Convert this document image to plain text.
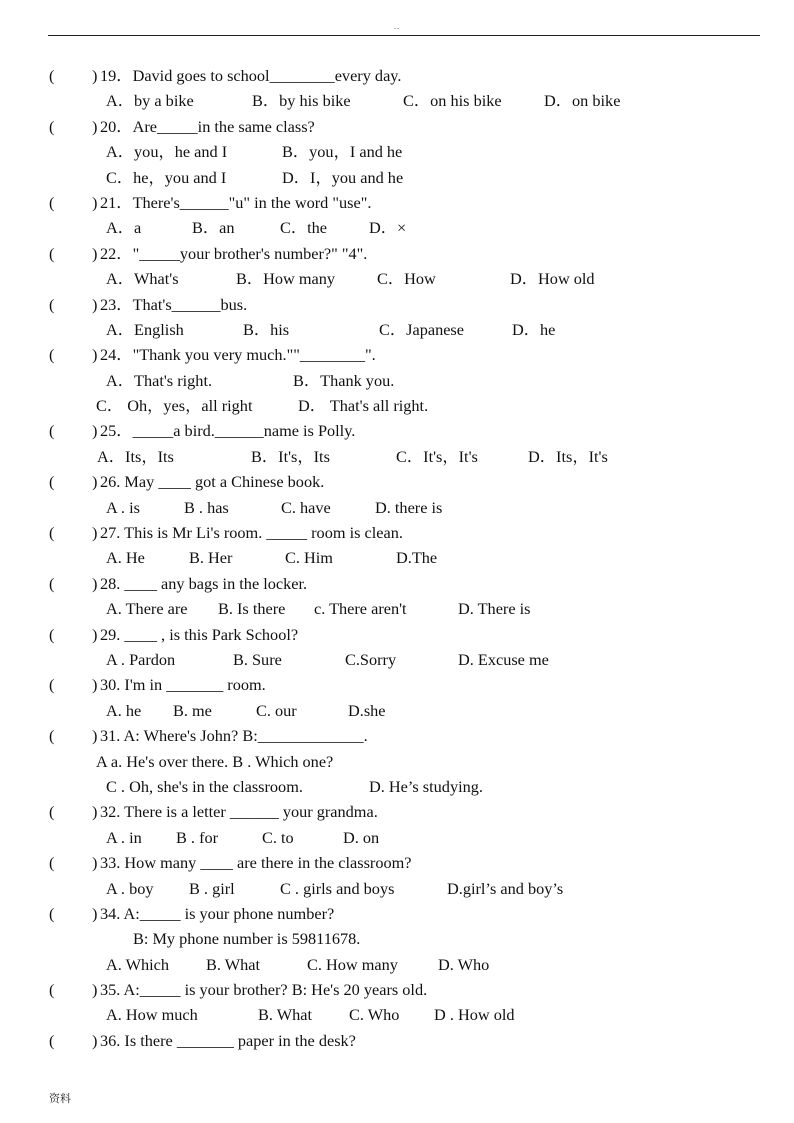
..
( ) 19．David goes to school________every day.
A．by a bike	B．by his bike	C．on his bike	D．on bike
( ) 20．Are_____in the same class?
A．you，he and I	B．you，I and he
C．he，you and I	D．I，you and he
( ) 21．There's______"u" in the word "use".
A．a	B．an	C．the	D．×
( ) 22．"_____your brother's number?" "4".
A．What's	B．How many	C．How	D．How old
( ) 23．That's______bus.
A．English	B．his	C．Japanese	D．he
( ) 24．"Thank you very much.""________".
A．That's right.	B．Thank you.
C． Oh，yes，all right	D． That's all right.
( ) 25．_____a bird.______name is Polly.
A．Its，Its	B．It's，Its	C．It's，It's	D．Its，It's
( ) 26. May ____ got a Chinese book.
A . is	B . has	C. have	D. there is
( ) 27. This is Mr Li's room. _____ room is clean.
A. He	B. Her	C. Him	D.The
( ) 28. ____ any bags in the locker.
A. There are B. Is there c. There aren't	D. There is
( ) 29. ____ , is this Park School?
A . Pardon	B. Sure	C.Sorry	D. Excuse me
( ) 30. I'm in _______ room.
A. he B. me	C. our	D.she
( ) 31. A: Where's John? B:_____________.
A a. He's over there. B . Which one?
C . Oh, she's in the classroom.	D. He’s studying.
( ) 32. There is a letter ______ your grandma.
A . in B . for	C. to	D. on
( ) 33. How many ____ are there in the classroom?
A . boy B . girl	C . girls and boys	D.girl’s and boy’s
( ) 34. A:_____ is your phone number?
B: My phone number is 59811678.
A. Which B. What	C. How many D. Who
( ) 35. A:_____ is your brother? B: He's 20 years old.
A. How much	B. What C. Who D . How old
( ) 36. Is there _______ paper in the desk?
资料
